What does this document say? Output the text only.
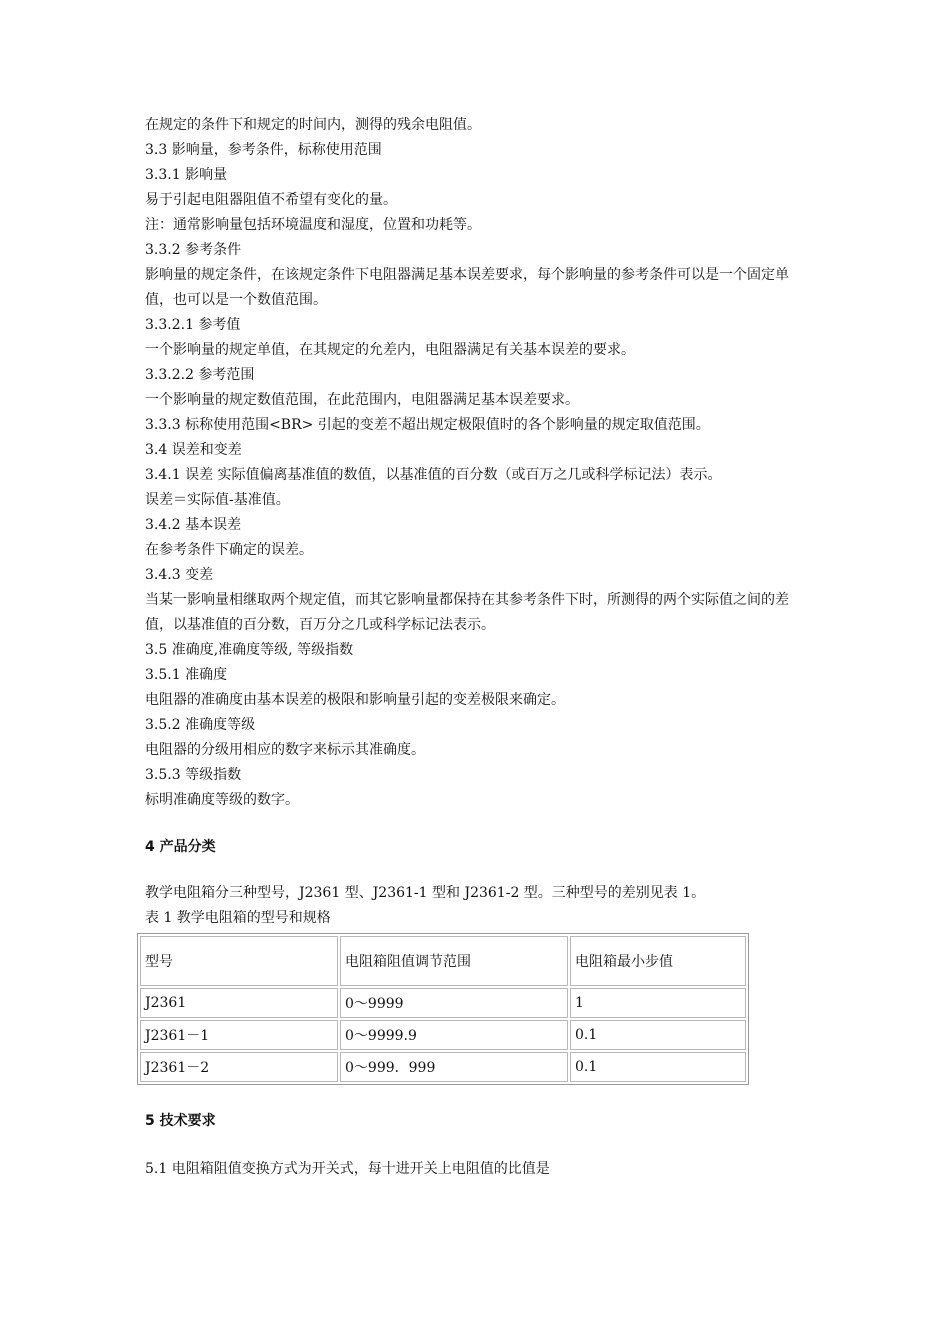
在规定的条件下和规定的时间内，测得的残余电阻值。
3.3 影响量，参考条件，标称使用范围
3.3.1 影响量
易于引起电阻器阻值不希望有变化的量。
注：通常影响量包括环境温度和湿度，位置和功耗等。
3.3.2 参考条件
影响量的规定条件，在该规定条件下电阻器满足基本误差要求，每个影响量的参考条件可以是一个固定单值，也可以是一个数值范围。
3.3.2.1 参考值
一个影响量的规定单值，在其规定的允差内，电阻器满足有关基本误差的要求。
3.3.2.2 参考范围
一个影响量的规定数值范围，在此范围内，电阻器满足基本误差要求。
3.3.3 标称使用范围<BR> 引起的变差不超出规定极限值时的各个影响量的规定取值范围。
3.4 误差和变差
3.4.1 误差 实际值偏离基准值的数值，以基准值的百分数（或百万之几或科学标记法）表示。
误差＝实际值-基准值。
3.4.2 基本误差
在参考条件下确定的误差。
3.4.3 变差
当某一影响量相继取两个规定值，而其它影响量都保持在其参考条件下时，所测得的两个实际值之间的差值，以基准值的百分数，百万分之几或科学标记法表示。
3.5 准确度,准确度等级, 等级指数
3.5.1 准确度
电阻器的准确度由基本误差的极限和影响量引起的变差极限来确定。
3.5.2 准确度等级
电阻器的分级用相应的数字来标示其准确度。
3.5.3 等级指数
标明准确度等级的数字。
4 产品分类
教学电阻箱分三种型号，J2361 型、J2361-1 型和 J2361-2 型。三种型号的差别见表 1。
表 1 教学电阻箱的型号和规格
型号	电阻箱阻值调节范围	电阻箱最小步值
J2361	0～9999	1
J2361－1	0～9999.9	0.1
J2361－2	0～999．999	0.1
5 技术要求
5.1 电阻箱阻值变换方式为开关式，每十进开关上电阻值的比值是
